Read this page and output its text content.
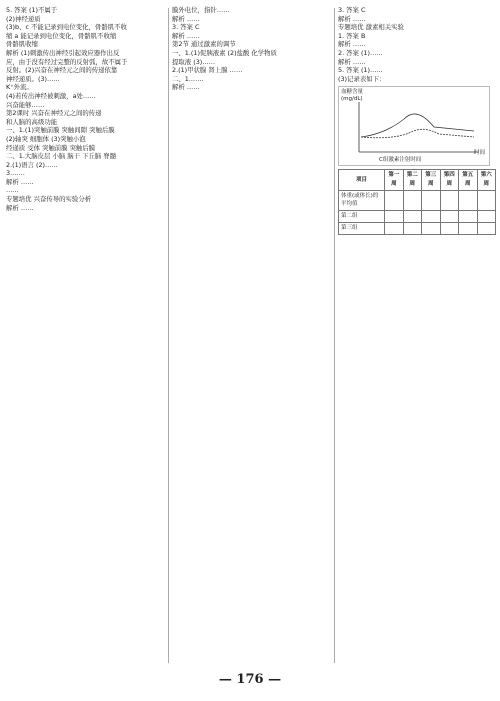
5. 答案 (1)不属于
(2)神经递质
(3)b、c 不能记录到电位变化，骨骼肌不收
缩 a 能记录到电位变化，骨骼肌不收缩
骨骼肌收缩
解析 (1)刺激传出神经引起效应器作出反
应，由于没有经过完整的反射弧，故不属于
反射。(2)兴奋在神经元之间的传递依靠
神经递质。(3)……
K⁺外流。
(4)若传出神经被刺激，a处……
兴奋能够……
第2课时 兴奋在神经元之间的传递
和人脑的高级功能
一、1.(1)突触前膜 突触间隙 突触后膜
(2)轴突 细胞体 (3)突触小泡
经递质 受体 突触前膜 突触后膜
二、1.大脑皮层 小脑 脑干 下丘脑 脊髓
2.(1)语言 (2)……
3.……
解析 ……
……
专题培优 兴奋传导的实验分析
解析 ……
膜外电位，指针……
解析 ……
3. 答案 C
解析 ……
第2节 通过激素的调节
一、1.(1)促胰液素 (2)盐酸 化学物质
提取液 (3)……
2.(1)甲状腺 肾上腺 ……
二、1.……
解析 ……
3. 答案 C
解析 ……
专题培优 激素相关实验
1. 答案 B
解析 ……
2. 答案 (1)……
解析 ……
5. 答案 (1)……
(3)记录表如下：
血糖含量
(mg/dL)
时间
C组激素注射时间
项目	第一周	第二周	第三周	第四周	第五周	第六周
体重(或体长)的平均值						
第二组						
第三组						
— 176 —
